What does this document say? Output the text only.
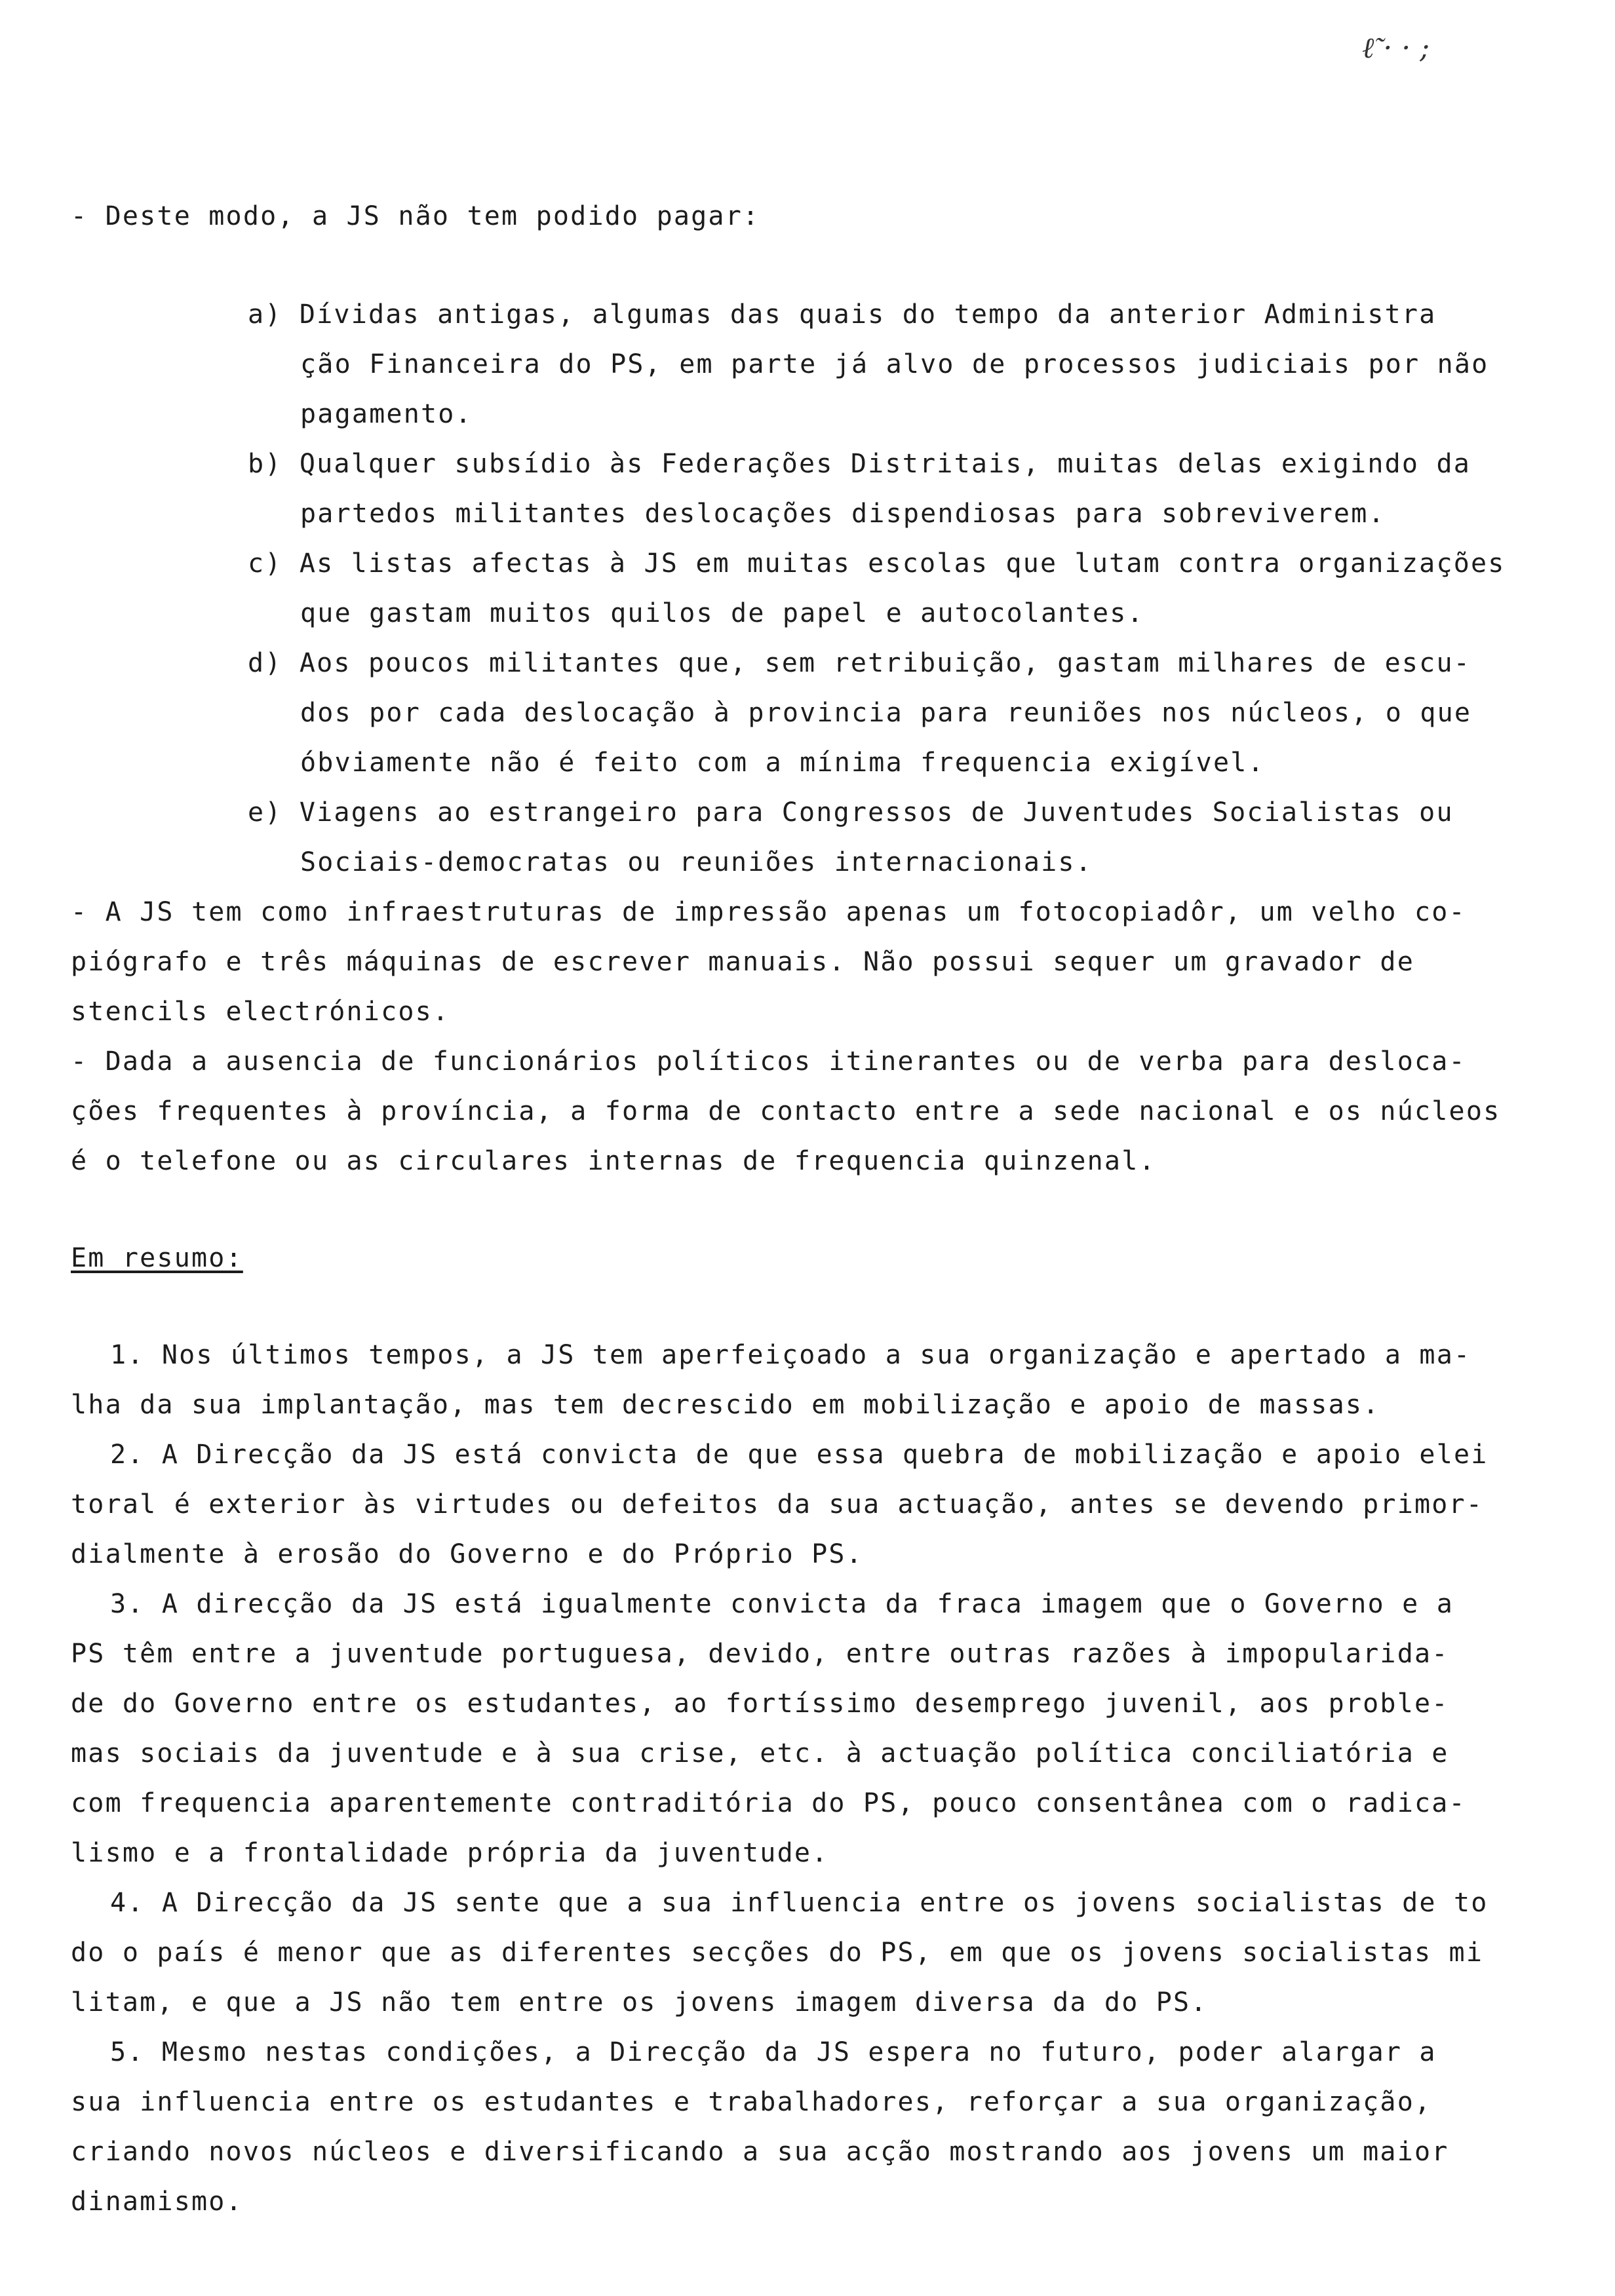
ℓ̃ · · ;
- Deste modo, a JS não tem podido pagar:
a) Dívidas antigas, algumas das quais do tempo da anterior Administra
ção Financeira do PS, em parte já alvo de processos judiciais por não
pagamento.
b) Qualquer subsídio às Federações Distritais, muitas delas exigindo da
partedos militantes deslocações dispendiosas para sobreviverem.
c) As listas afectas à JS em muitas escolas que lutam contra organizações
que gastam muitos quilos de papel e autocolantes.
d) Aos poucos militantes que, sem retribuição, gastam milhares de escu-
dos por cada deslocação à provincia para reuniões nos núcleos, o que
óbviamente não é feito com a mínima frequencia exigível.
e) Viagens ao estrangeiro para Congressos de Juventudes Socialistas ou
Sociais-democratas ou reuniões internacionais.
- A JS tem como infraestruturas de impressão apenas um fotocopiadôr, um velho co-
piógrafo e três máquinas de escrever manuais. Não possui sequer um gravador de
stencils electrónicos.
- Dada a ausencia de funcionários políticos itinerantes ou de verba para desloca-
ções frequentes à província, a forma de contacto entre a sede nacional e os núcleos
é o telefone ou as circulares internas de frequencia quinzenal.
Em resumo:
1. Nos últimos tempos, a JS tem aperfeiçoado a sua organização e apertado a ma-
lha da sua implantação, mas tem decrescido em mobilização e apoio de massas.
2. A Direcção da JS está convicta de que essa quebra de mobilização e apoio elei
toral é exterior às virtudes ou defeitos da sua actuação, antes se devendo primor-
dialmente à erosão do Governo e do Próprio PS.
3. A direcção da JS está igualmente convicta da fraca imagem que o Governo e a
PS têm entre a juventude portuguesa, devido, entre outras razões à impopularida-
de do Governo entre os estudantes, ao fortíssimo desemprego juvenil, aos proble-
mas sociais da juventude e à sua crise, etc. à actuação política conciliatória e
com frequencia aparentemente contraditória do PS, pouco consentânea com o radica-
lismo e a frontalidade própria da juventude.
4. A Direcção da JS sente que a sua influencia entre os jovens socialistas de to
do o país é menor que as diferentes secções do PS, em que os jovens socialistas mi
litam, e que a JS não tem entre os jovens imagem diversa da do PS.
5. Mesmo nestas condições, a Direcção da JS espera no futuro, poder alargar a
sua influencia entre os estudantes e trabalhadores, reforçar a sua organização,
criando novos núcleos e diversificando a sua acção mostrando aos jovens um maior
dinamismo.
